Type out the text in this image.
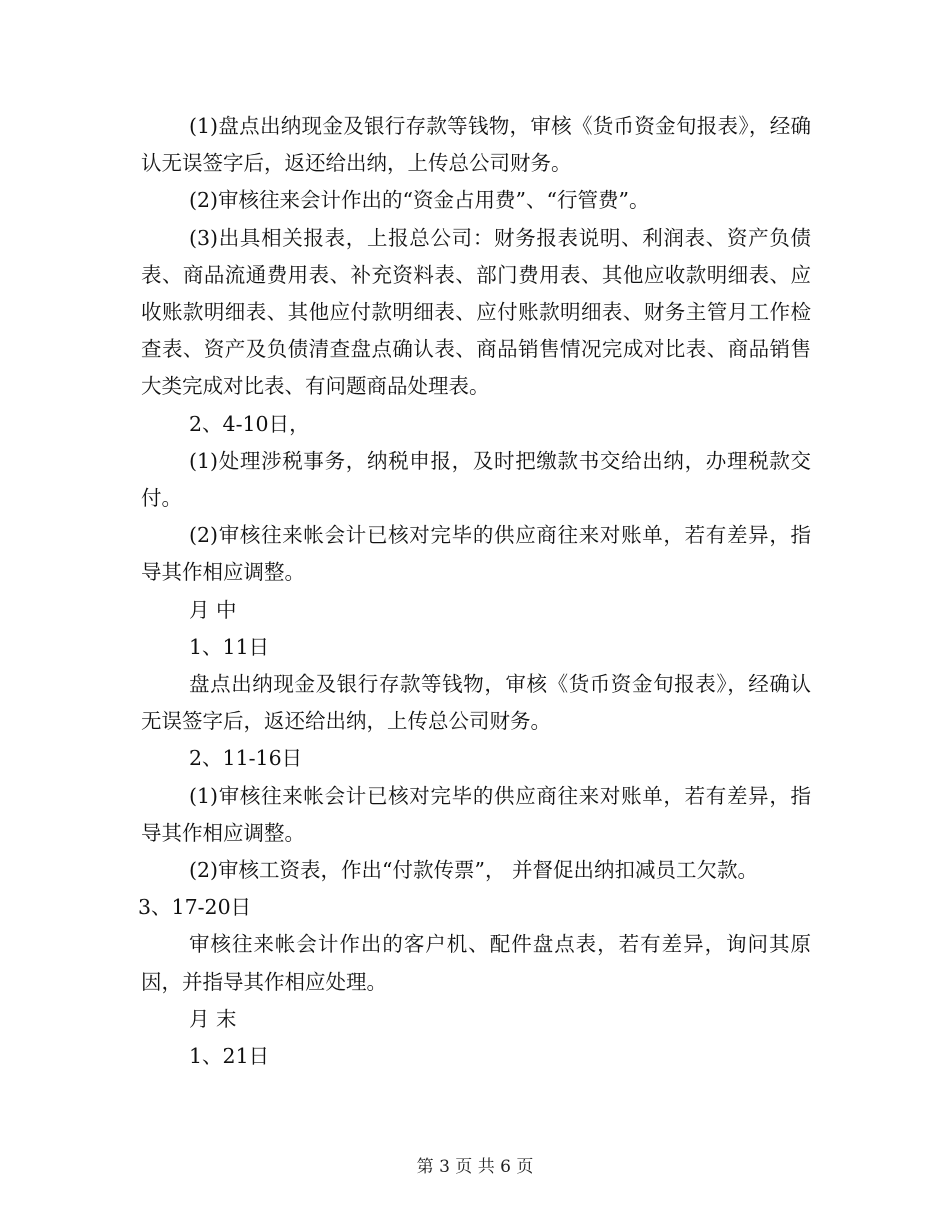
(1)盘点出纳现金及银行存款等钱物，审核《货币资金旬报表》，经确认无误签字后，返还给出纳，上传总公司财务。

(2)审核往来会计作出的“资金占用费”、“行管费”。

(3)出具相关报表，上报总公司：财务报表说明、利润表、资产负债表、商品流通费用表、补充资料表、部门费用表、其他应收款明细表、应收账款明细表、其他应付款明细表、应付账款明细表、财务主管月工作检查表、资产及负债清查盘点确认表、商品销售情况完成对比表、商品销售大类完成对比表、有问题商品处理表。

2、4-10日，

(1)处理涉税事务，纳税申报，及时把缴款书交给出纳，办理税款交付。

(2)审核往来帐会计已核对完毕的供应商往来对账单，若有差异，指导其作相应调整。

月 中

1、11日

盘点出纳现金及银行存款等钱物，审核《货币资金旬报表》，经确认无误签字后，返还给出纳，上传总公司财务。

2、11-16日

(1)审核往来帐会计已核对完毕的供应商往来对账单，若有差异，指导其作相应调整。

(2)审核工资表，作出“付款传票”， 并督促出纳扣减员工欠款。

3、17-20日

审核往来帐会计作出的客户机、配件盘点表，若有差异，询问其原因，并指导其作相应处理。

月 末

1、21日

第 3 页 共 6 页
